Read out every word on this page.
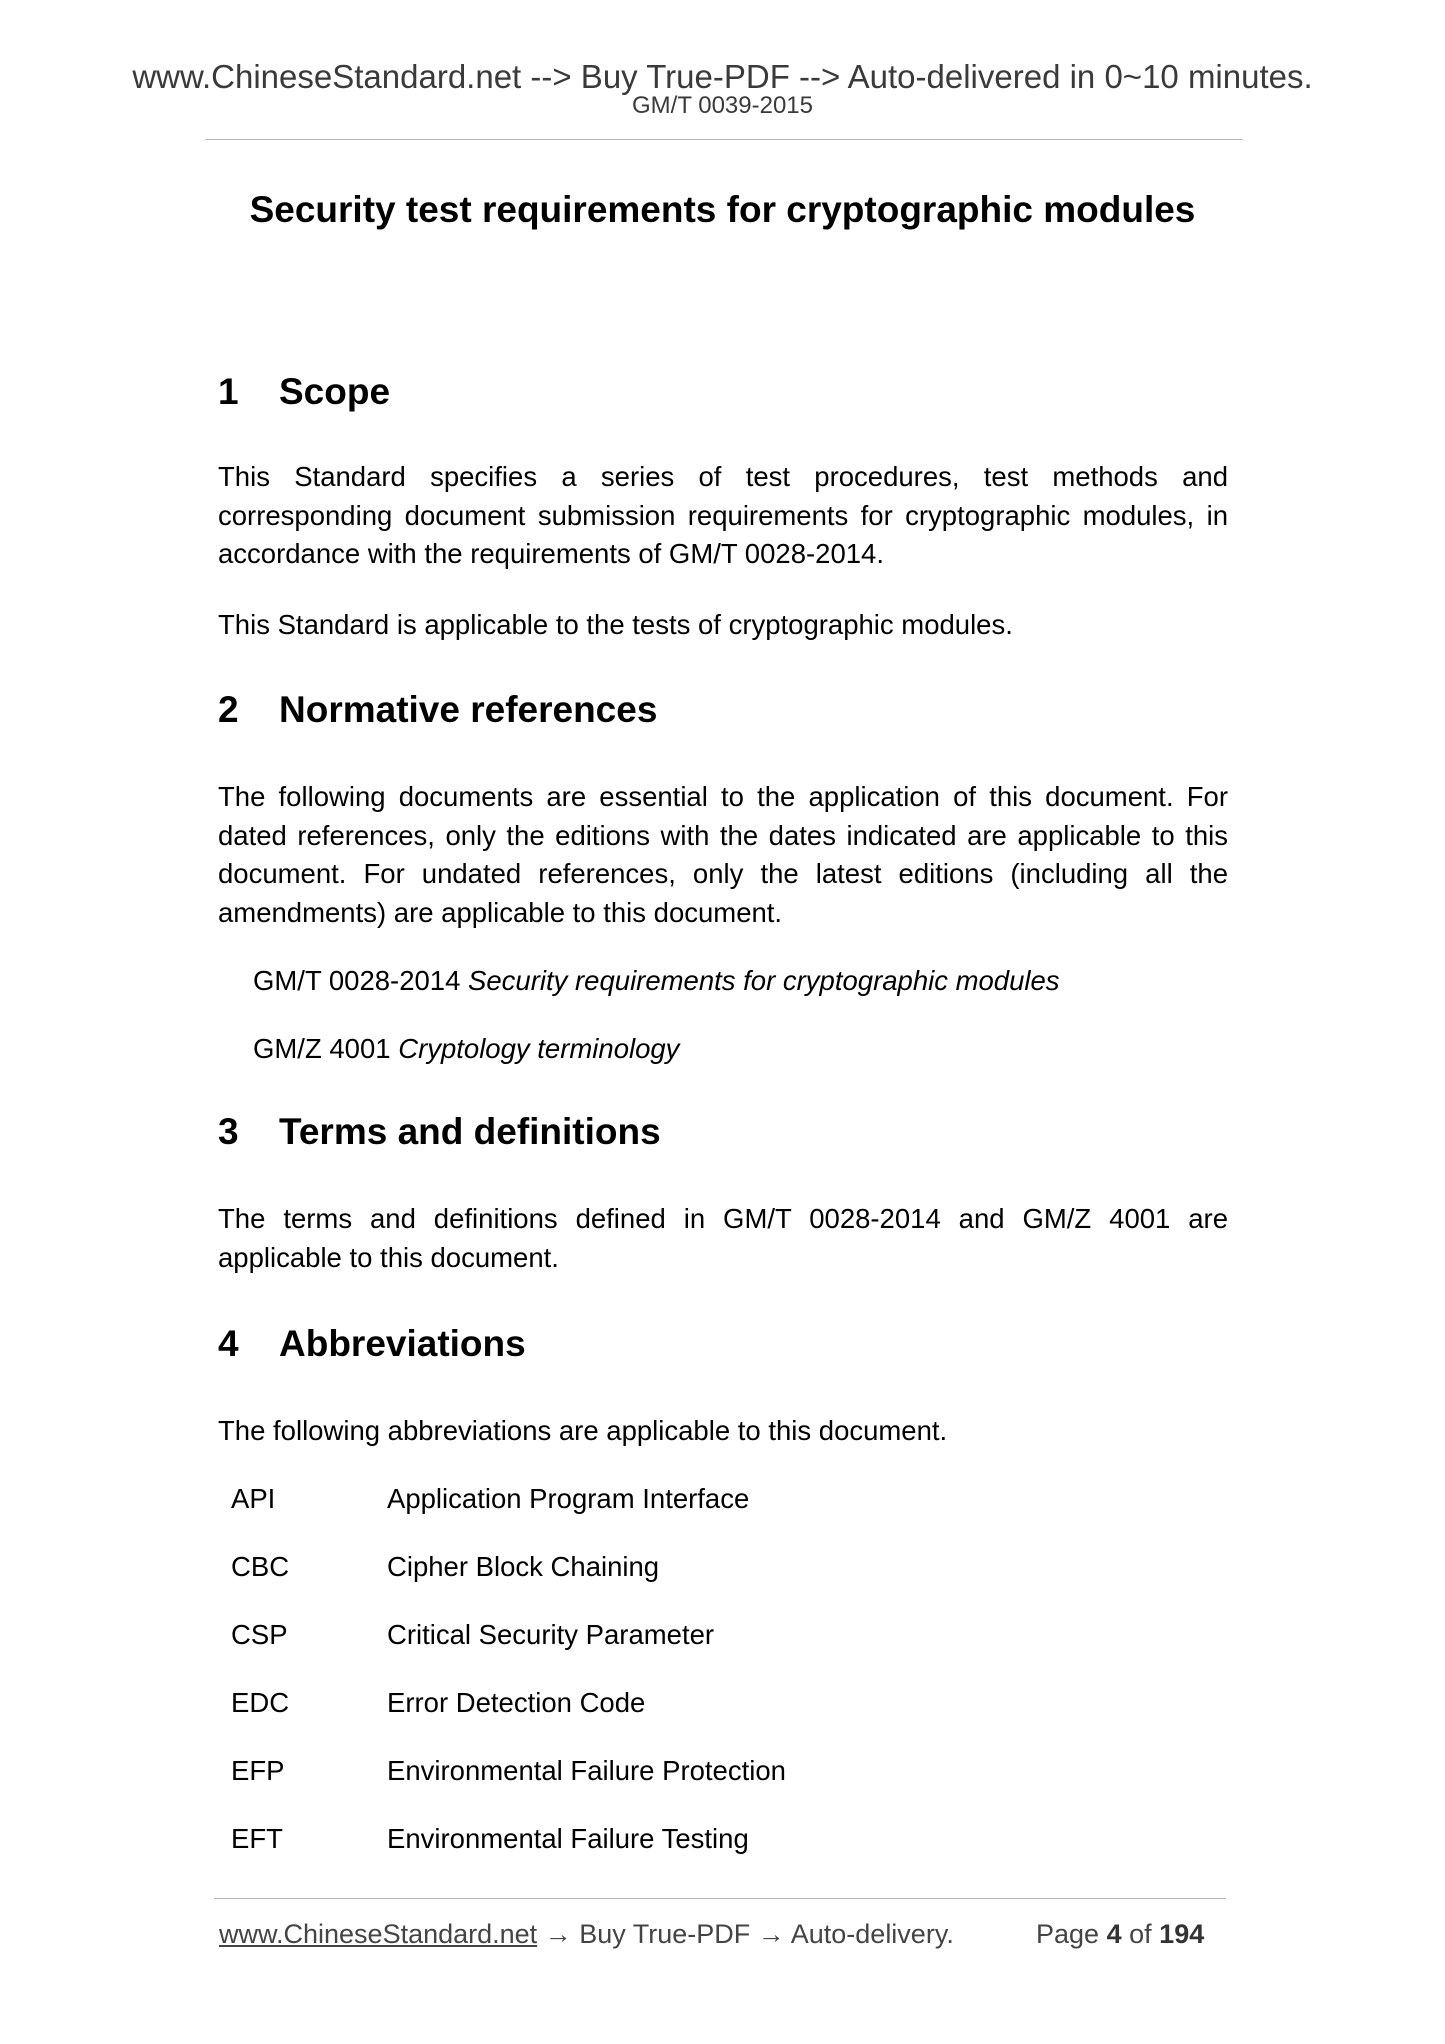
www.ChineseStandard.net --> Buy True-PDF --> Auto-delivered in 0~10 minutes.
GM/T 0039-2015
Security test requirements for cryptographic modules
1 Scope

This Standard specifies a series of test procedures, test methods and corresponding document submission requirements for cryptographic modules, in accordance with the requirements of GM/T 0028-2014.

This Standard is applicable to the tests of cryptographic modules.

2 Normative references

The following documents are essential to the application of this document. For dated references, only the editions with the dates indicated are applicable to this document. For undated references, only the latest editions (including all the amendments) are applicable to this document.

GM/T 0028-2014 Security requirements for cryptographic modules
GM/Z 4001 Cryptology terminology
3 Terms and definitions

The terms and definitions defined in GM/T 0028-2014 and GM/Z 4001 are applicable to this document.

4 Abbreviations

The following abbreviations are applicable to this document.

API	Application Program Interface
CBC	Cipher Block Chaining
CSP	Critical Security Parameter
EDC	Error Detection Code
EFP	Environmental Failure Protection
EFT	Environmental Failure Testing
www.ChineseStandard.net → Buy True-PDF → Auto-delivery.	Page 4 of 194
